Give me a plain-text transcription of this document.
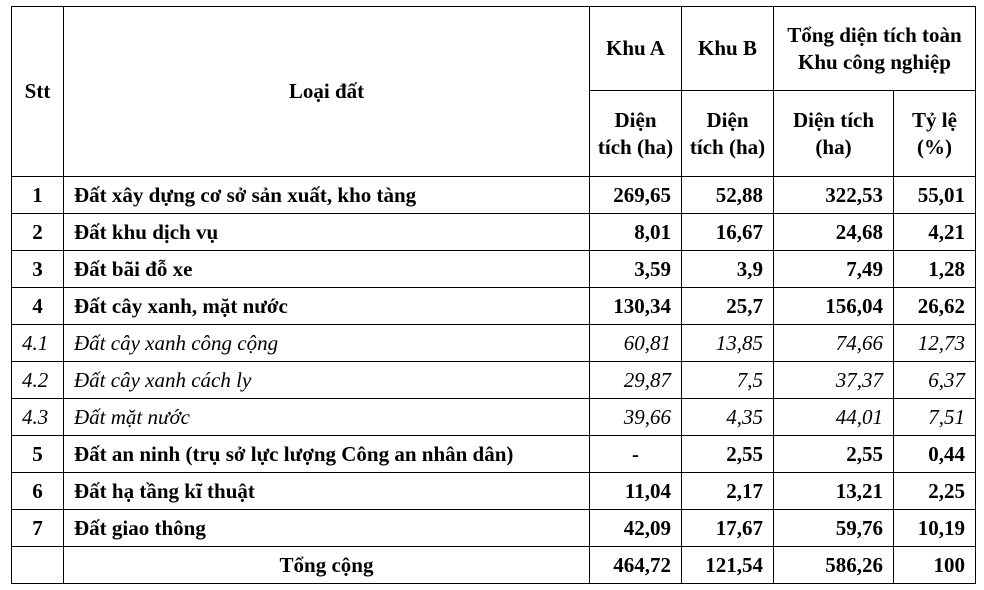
Stt	Loại đất	Khu A	Khu B	Tổng diện tích toàn Khu công nghiệp	
		Diện tích (ha)	Diện tích (ha)	Diện tích (ha)	Tỷ lệ (%)
1	Đất xây dựng cơ sở sản xuất, kho tàng	269,65	52,88	322,53	55,01
2	Đất khu dịch vụ	8,01	16,67	24,68	4,21
3	Đất bãi đỗ xe	3,59	3,9	7,49	1,28
4	Đất cây xanh, mặt nước	130,34	25,7	156,04	26,62
4.1	Đất cây xanh công cộng	60,81	13,85	74,66	12,73
4.2	Đất cây xanh cách ly	29,87	7,5	37,37	6,37
4.3	Đất mặt nước	39,66	4,35	44,01	7,51
5	Đất an ninh (trụ sở lực lượng Công an nhân dân)	-	2,55	2,55	0,44
6	Đất hạ tầng kĩ thuật	11,04	2,17	13,21	2,25
7	Đất giao thông	42,09	17,67	59,76	10,19
	Tổng cộng	464,72	121,54	586,26	100
